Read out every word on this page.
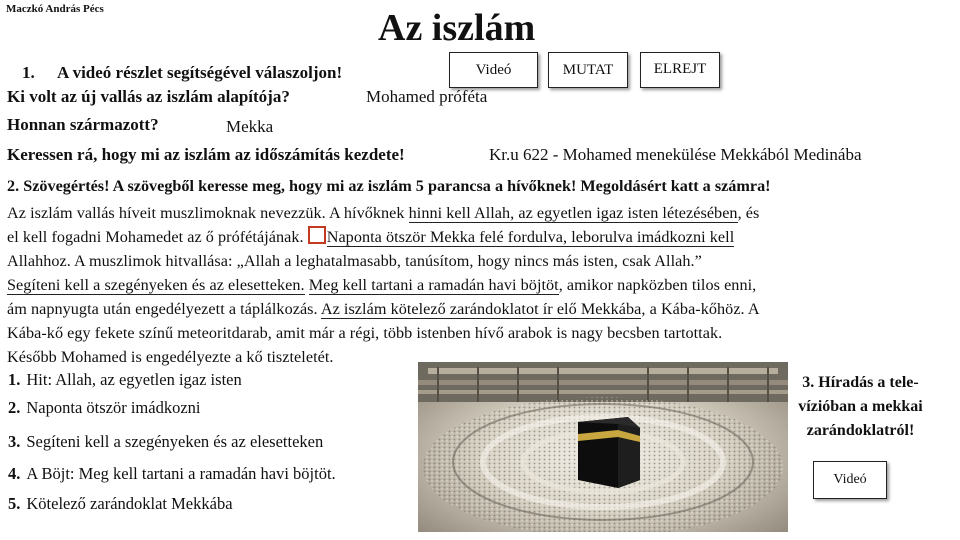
Maczkó András Pécs	Az iszlám
Videó	MUTAT	ELREJT
1. A videó részlet segítségével válaszoljon!
Ki volt az új vallás az iszlám alapítója?	Mohamed próféta
Honnan származott?	Mekka
Keressen rá, hogy mi az iszlám az időszámítás kezdete!	Kr.u 622 - Mohamed menekülése Mekkából Medinába
2. Szövegértés! A szövegből keresse meg, hogy mi az iszlám 5 parancsa a hívőknek! Megoldásért katt a számra!
Az iszlám vallás híveit muszlimoknak nevezzük. A hívőknek hinni kell Allah, az egyetlen igaz isten létezésében, és
el kell fogadni Mohamedet az ő prófétájának. Naponta ötször Mekka felé fordulva, leborulva imádkozni kell
Allahhoz. A muszlimok hitvallása: „Allah a leghatalmasabb, tanúsítom, hogy nincs más isten, csak Allah.”
Segíteni kell a szegényeken és az elesetteken. Meg kell tartani a ramadán havi böjtöt, amikor napközben tilos enni,
ám napnyugta után engedélyezett a táplálkozás. Az iszlám kötelező zarándoklatot ír elő Mekkába, a Kába-kőhöz. A
Kába-kő egy fekete színű meteoritdarab, amit már a régi, több istenben hívő arabok is nagy becsben tartottak.
Később Mohamed is engedélyezte a kő tiszteletét.
1. Hit: Allah, az egyetlen igaz isten
2. Naponta ötször imádkozni
3. Segíteni kell a szegényeken és az elesetteken
4. A Böjt: Meg kell tartani a ramadán havi böjtöt.
5. Kötelező zarándoklat Mekkába
3. Híradás a tele-
vízióban a mekkai
zarándoklatról!
Videó
